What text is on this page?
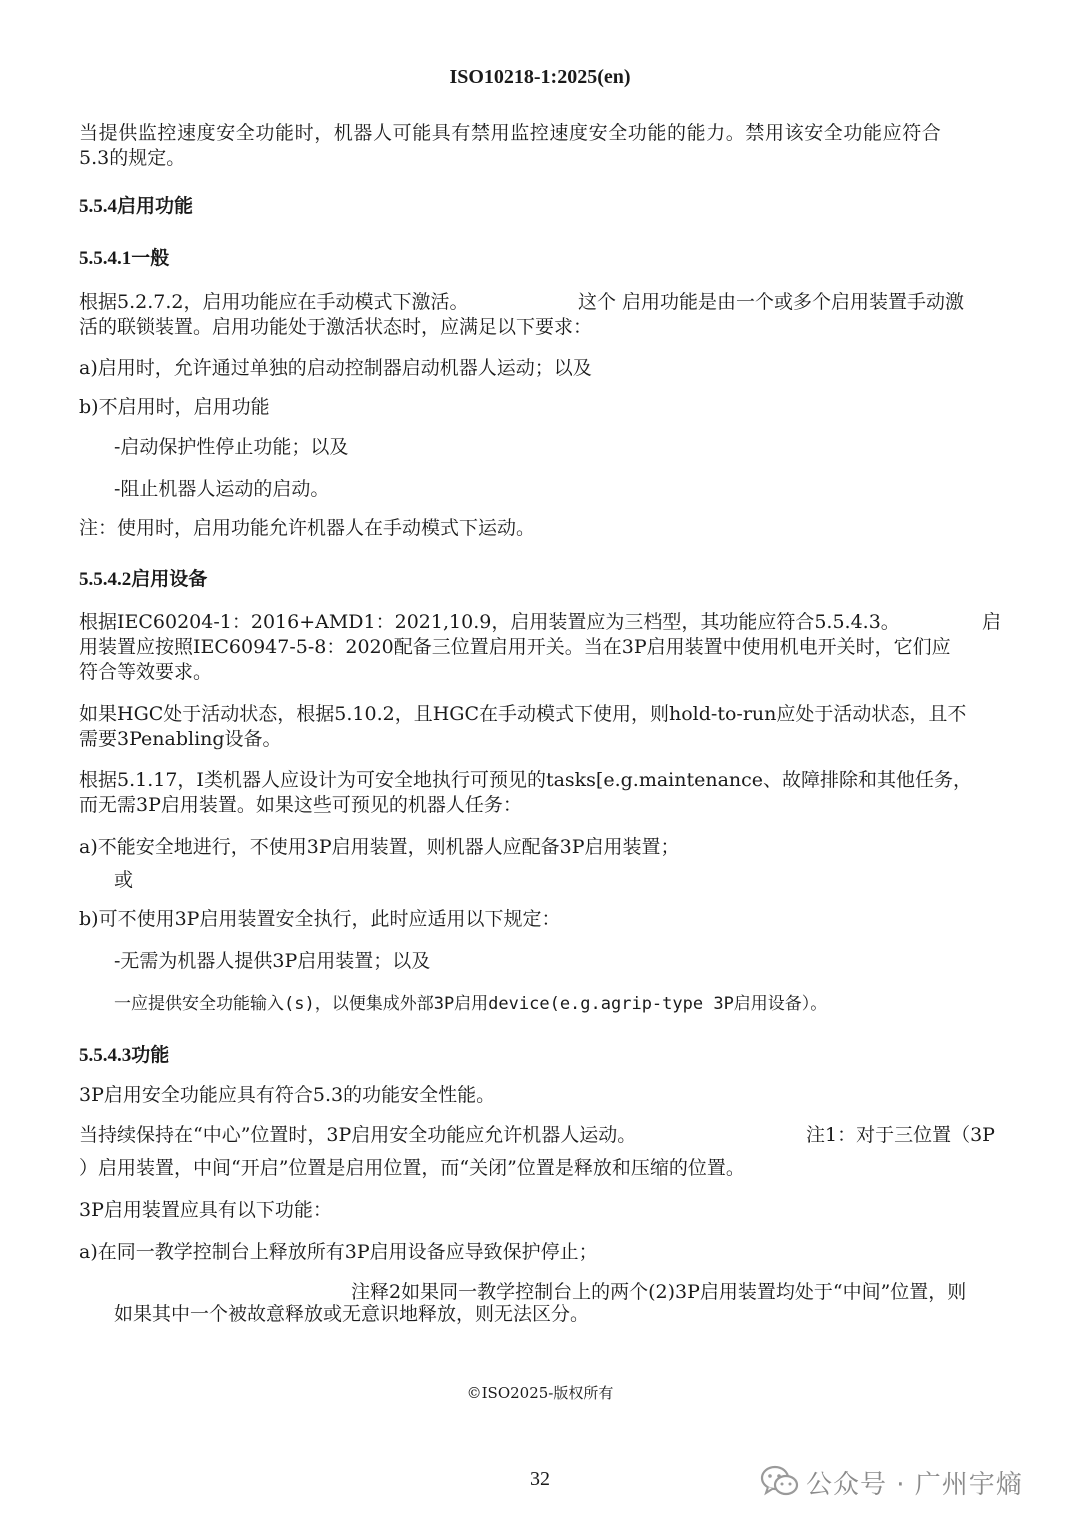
ISO10218-1:2025(en)
当提供监控速度安全功能时，机器人可能具有禁用监控速度安全功能的能力。禁用该安全功能应符合
5.3的规定。
5.5.4启用功能
5.5.4.1一般
根据5.2.7.2，启用功能应在手动模式下激活。	这个 启用功能是由一个或多个启用装置手动激
活的联锁装置。启用功能处于激活状态时，应满足以下要求：
a)启用时，允许通过单独的启动控制器启动机器人运动；以及
b)不启用时，启用功能
-启动保护性停止功能；以及
-阻止机器人运动的启动。
注：使用时，启用功能允许机器人在手动模式下运动。
5.5.4.2启用设备
根据IEC60204-1：2016+AMD1：2021,10.9，启用装置应为三档型，其功能应符合5.5.4.3。	启
用装置应按照IEC60947-5-8：2020配备三位置启用开关。当在3P启用装置中使用机电开关时，它们应
符合等效要求。
如果HGC处于活动状态，根据5.10.2，且HGC在手动模式下使用，则hold-to-run应处于活动状态，且不
需要3Penabling设备。
根据5.1.17，I类机器人应设计为可安全地执行可预见的tasks[e.g.maintenance、故障排除和其他任务，
而无需3P启用装置。如果这些可预见的机器人任务：
a)不能安全地进行，不使用3P启用装置，则机器人应配备3P启用装置；
或
b)可不使用3P启用装置安全执行，此时应适用以下规定：
-无需为机器人提供3P启用装置；以及
一应提供安全功能输入(s)，以便集成外部3P启用device(e.g.agrip-type 3P启用设备）。
5.5.4.3功能
3P启用安全功能应具有符合5.3的功能安全性能。
当持续保持在“中心”位置时，3P启用安全功能应允许机器人运动。	注1：对于三位置（3P
）启用装置，中间“开启”位置是启用位置，而“关闭”位置是释放和压缩的位置。
3P启用装置应具有以下功能：
a)在同一教学控制台上释放所有3P启用设备应导致保护停止；
注释2如果同一教学控制台上的两个(2)3P启用装置均处于“中间”位置，则
如果其中一个被故意释放或无意识地释放，则无法区分。
©ISO2025-版权所有
32	公众号 · 广州宇熵
